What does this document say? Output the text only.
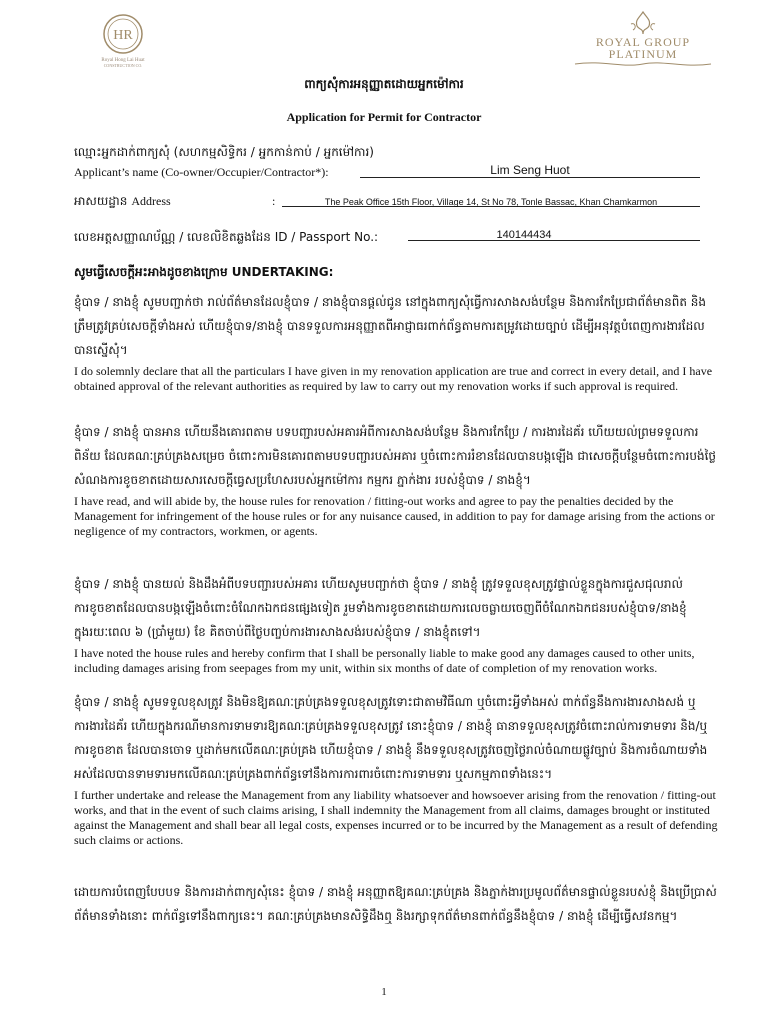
HR
Royal Hong Lai Huat
CONSTRUCTION CO.
ROYAL GROUP
PLATINUM
ពាក្យសុំការអនុញ្ញាតដោយអ្នកម៉ៅការ
Application for Permit for Contractor
ឈ្មោះអ្នកដាក់ពាក្យសុំ (សហកម្មសិទ្ធិករ / អ្នកកាន់កាប់ / អ្នកម៉ៅការ)
Applicant’s name (Co-owner/Occupier/Contractor*):	Lim Seng Huot
អាសយដ្ឋាន Address	:	The Peak Office 15th Floor, Village 14, St No 78, Tonle Bassac, Khan Chamkarmon
លេខអត្តសញ្ញាណប័ណ្ណ / លេខលិខិតឆ្លងដែន ID / Passport No.:	140144434
សូមធ្វើសេចក្តីអះអាងដូចខាងក្រោម UNDERTAKING:
ខ្ញុំបាទ / នាងខ្ញុំ សូមបញ្ជាក់ថា រាល់ព័ត៌មានដែលខ្ញុំបាទ / នាងខ្ញុំបានផ្តល់ជូន នៅក្នុងពាក្យសុំធ្វើការសាងសង់បន្ថែម និងការកែប្រែជាព័ត៌មានពិត និងត្រឹមត្រូវគ្រប់សេចក្តីទាំងអស់ ហើយខ្ញុំបាទ/នាងខ្ញុំ បានទទួលការអនុញ្ញាតពីអាជ្ញាធរពាក់ព័ន្ធតាមការតម្រូវដោយច្បាប់ ដើម្បីអនុវត្តបំពេញការងារដែលបានស្នើសុំ។
I do solemnly declare that all the particulars I have given in my renovation application are true and correct in every detail, and I have obtained approval of the relevant authorities as required by law to carry out my renovation works if such approval is required.
ខ្ញុំបាទ / នាងខ្ញុំ បានអាន ហើយនឹងគោរពតាម បទបញ្ជារបស់អគារអំពីការសាងសង់បន្ថែម និងការកែប្រែ / ការងារដៃគ័រ ហើយយល់ព្រមទទួលការពិន័យ ដែលគណៈគ្រប់គ្រងសម្រេច ចំពោះការមិនគោរពតាមបទបញ្ជារបស់អគារ ឬចំពោះការរំខានដែលបានបង្កឡើង ជាសេចក្តីបន្ថែមចំពោះការបង់ថ្លៃសំណងការខូចខាតដោយសារសេចក្តីធ្វេសប្រហែសរបស់អ្នកម៉ៅការ កម្មករ ភ្នាក់ងារ របស់ខ្ញុំបាទ / នាងខ្ញុំ។
I have read, and will abide by, the house rules for renovation / fitting-out works and agree to pay the penalties decided by the Management for infringement of the house rules or for any nuisance caused, in addition to pay for damage arising from the actions or negligence of my contractors, workmen, or agents.
ខ្ញុំបាទ / នាងខ្ញុំ បានយល់ និងដឹងអំពីបទបញ្ជារបស់អគារ ហើយសូមបញ្ជាក់ថា ខ្ញុំបាទ / នាងខ្ញុំ ត្រូវទទួលខុសត្រូវផ្ទាល់ខ្លួនក្នុងការជួសជុលរាល់ការខូចខាតដែលបានបង្កឡើងចំពោះចំណែកឯកជនផ្សេងទៀត រួមទាំងការខូចខាតដោយការលេចធ្លាយចេញពីចំណែកឯកជនរបស់ខ្ញុំបាទ/នាងខ្ញុំ ក្នុងរយៈពេល ៦ (ប្រាំមួយ) ខែ គិតចាប់ពីថ្ងៃបញ្ចប់ការងារសាងសង់របស់ខ្ញុំបាទ / នាងខ្ញុំតទៅ។
I have noted the house rules and hereby confirm that I shall be personally liable to make good any damages caused to other units, including damages arising from seepages from my unit, within six months of date of completion of my renovation works.
ខ្ញុំបាទ / នាងខ្ញុំ សូមទទួលខុសត្រូវ និងមិនឱ្យគណៈគ្រប់គ្រងទទួលខុសត្រូវទោះជាតាមវិធីណា ឬចំពោះអ្វីទាំងអស់ ពាក់ព័ន្ធនឹងការងារសាងសង់ ឬការងារដៃគ័រ ហើយក្នុងករណីមានការទាមទារឱ្យគណៈគ្រប់គ្រងទទួលខុសត្រូវ នោះខ្ញុំបាទ / នាងខ្ញុំ ធានាទទួលខុសត្រូវចំពោះរាល់ការទាមទារ និង/ឬការខូចខាត ដែលបានចោទ ឬដាក់មកលើគណៈគ្រប់គ្រង ហើយខ្ញុំបាទ / នាងខ្ញុំ នឹងទទួលខុសត្រូវចេញថ្លៃរាល់ចំណាយផ្លូវច្បាប់ និងការចំណាយទាំងអស់ដែលបានទាមទារមកលើគណៈគ្រប់គ្រងពាក់ព័ន្ធទៅនឹងការការពារចំពោះការទាមទារ ឬសកម្មភាពទាំងនេះ។
I further undertake and release the Management from any liability whatsoever and howsoever arising from the renovation / fitting-out works, and that in the event of such claims arising, I shall indemnity the Management from all claims, damages brought or instituted against the Management and shall bear all legal costs, expenses incurred or to be incurred by the Management as a result of defending such claims or actions.
ដោយការបំពេញបែបបទ និងការដាក់ពាក្យសុំនេះ ខ្ញុំបាទ / នាងខ្ញុំ អនុញ្ញាតឱ្យគណៈគ្រប់គ្រង និងភ្នាក់ងារប្រមូលព័ត៌មានផ្ទាល់ខ្លួនរបស់ខ្ញុំ និងប្រើប្រាស់ព័ត៌មានទាំងនោះ ពាក់ព័ន្ធទៅនឹងពាក្យនេះ។ គណៈគ្រប់គ្រងមានសិទ្ធិដឹងឮ និងរក្សាទុកព័ត៌មានពាក់ព័ន្ធនឹងខ្ញុំបាទ / នាងខ្ញុំ ដើម្បីធ្វើសវនកម្ម។
1
